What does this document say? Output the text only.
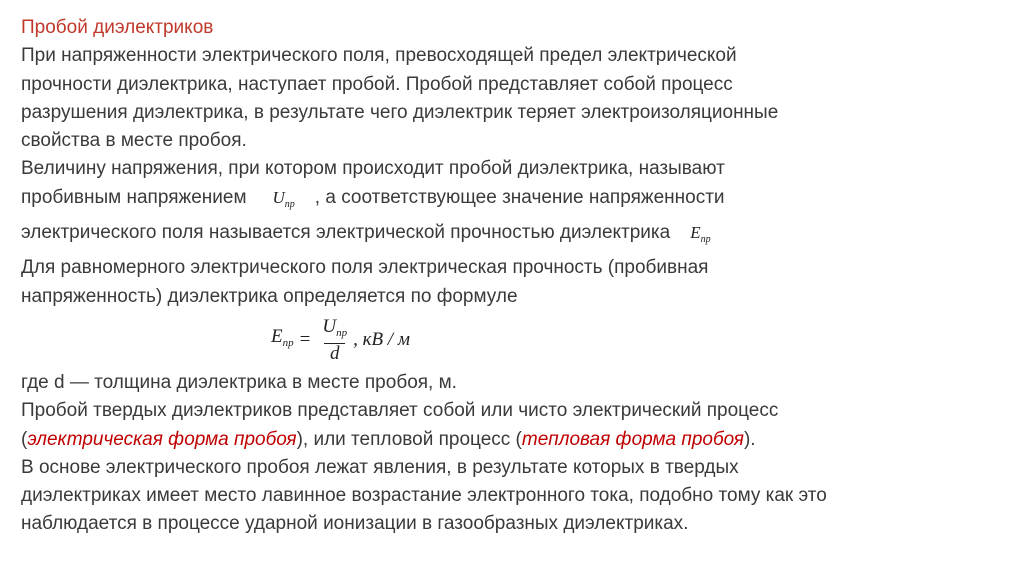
Пробой диэлектриков
При напряженности электрического поля, превосходящей предел электрической
прочности диэлектрика, наступает пробой. Пробой представляет собой процесс
разрушения диэлектрика, в результате чего диэлектрик теряет электроизоляционные
свойства в месте пробоя.
Величину напряжения, при котором происходит пробой диэлектрика, называют
пробивным напряжением $U_{пр}$ , а соответствующее значение напряженности
электрического поля называется электрической прочностью диэлектрика $E_{пр}$
Для равномерного электрического поля электрическая прочность (пробивная
напряженность) диэлектрика определяется по формуле
$E_{пр} = \frac{U_{пр}}{d}$ , кВ / м
где d — толщина диэлектрика в месте пробоя, м.
Пробой твердых диэлектриков представляет собой или чисто электрический процесс
(электрическая форма пробоя), или тепловой процесс (тепловая форма пробоя).
В основе электрического пробоя лежат явления, в результате которых в твердых
диэлектриках имеет место лавинное возрастание электронного тока, подобно тому как это
наблюдается в процессе ударной ионизации в газообразных диэлектриках.
